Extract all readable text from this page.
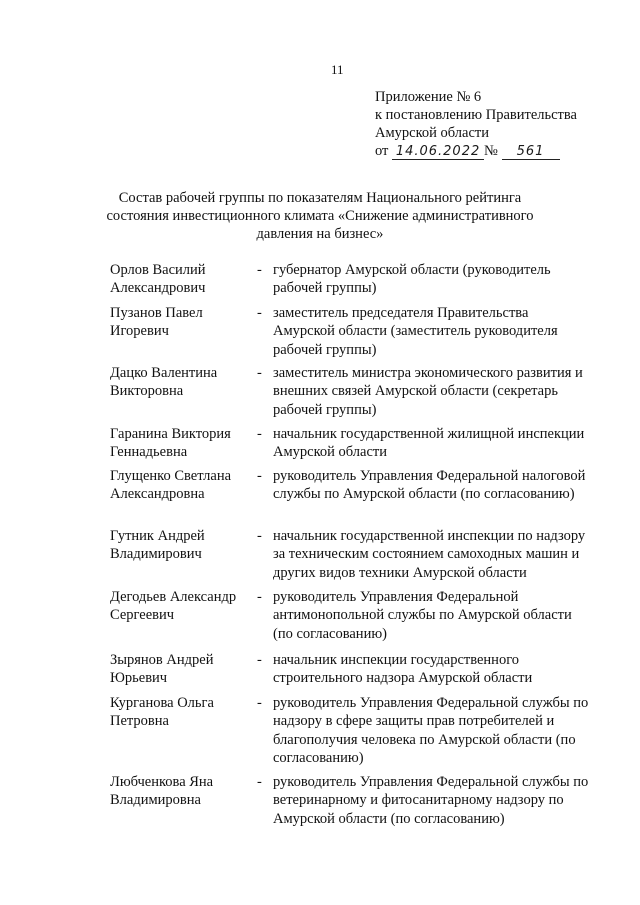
11
Приложение № 6
к постановлению Правительства
Амурской области
от 14.06.2022 № 561
Состав рабочей группы по показателям Национального рейтинга состояния инвестиционного климата «Снижение административного давления на бизнес»
Орлов Василий Александрович
- губернатор Амурской области (руководитель рабочей группы)
Пузанов Павел Игоревич
- заместитель председателя Правительства Амурской области (заместитель руководителя рабочей группы)
Дацко Валентина Викторовна
- заместитель министра экономического развития и внешних связей Амурской области (секретарь рабочей группы)
Гаранина Виктория Геннадьевна
- начальник государственной жилищной инспекции Амурской области
Глущенко Светлана Александровна
- руководитель Управления Федеральной налоговой службы по Амурской области (по согласованию)
Гутник Андрей Владимирович
- начальник государственной инспекции по надзору за техническим состоянием самоходных машин и других видов техники Амурской области
Дегодьев Александр Сергеевич
- руководитель Управления Федеральной антимонопольной службы по Амурской области (по согласованию)
Зырянов Андрей Юрьевич
- начальник инспекции государственного строительного надзора Амурской области
Курганова Ольга Петровна
- руководитель Управления Федеральной службы по надзору в сфере защиты прав потребителей и благополучия человека по Амурской области (по согласованию)
Любченкова Яна Владимировна
- руководитель Управления Федеральной службы по ветеринарному и фитосанитарному надзору по Амурской области (по согласованию)
